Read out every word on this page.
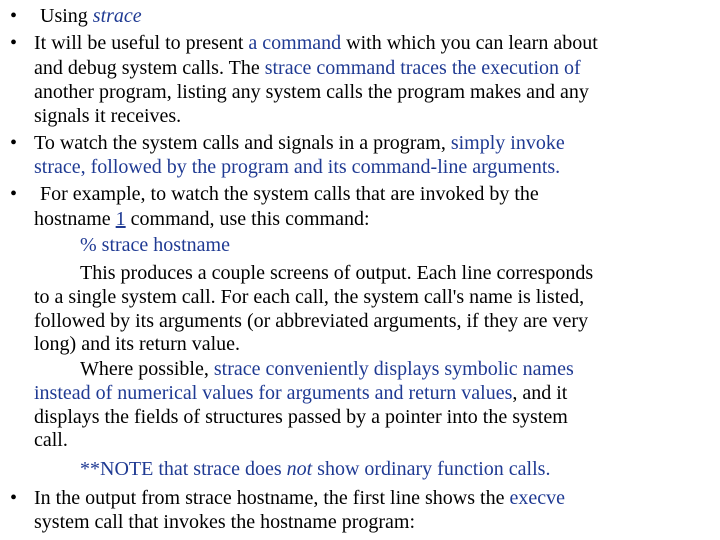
•	Using strace
• It will be useful to present a command with which you can learn about
and debug system calls. The strace command traces the execution of
another program, listing any system calls the program makes and any
signals it receives.
• To watch the system calls and signals in a program, simply invoke
strace, followed by the program and its command-line arguments.
• For example, to watch the system calls that are invoked by the
hostname 1 command, use this command:
% strace hostname
This produces a couple screens of output. Each line corresponds
to a single system call. For each call, the system call's name is listed,
followed by its arguments (or abbreviated arguments, if they are very
long) and its return value.
Where possible, strace conveniently displays symbolic names
instead of numerical values for arguments and return values, and it
displays the fields of structures passed by a pointer into the system
call.
**NOTE that strace does not show ordinary function calls.
• In the output from strace hostname, the first line shows the execve
system call that invokes the hostname program:
